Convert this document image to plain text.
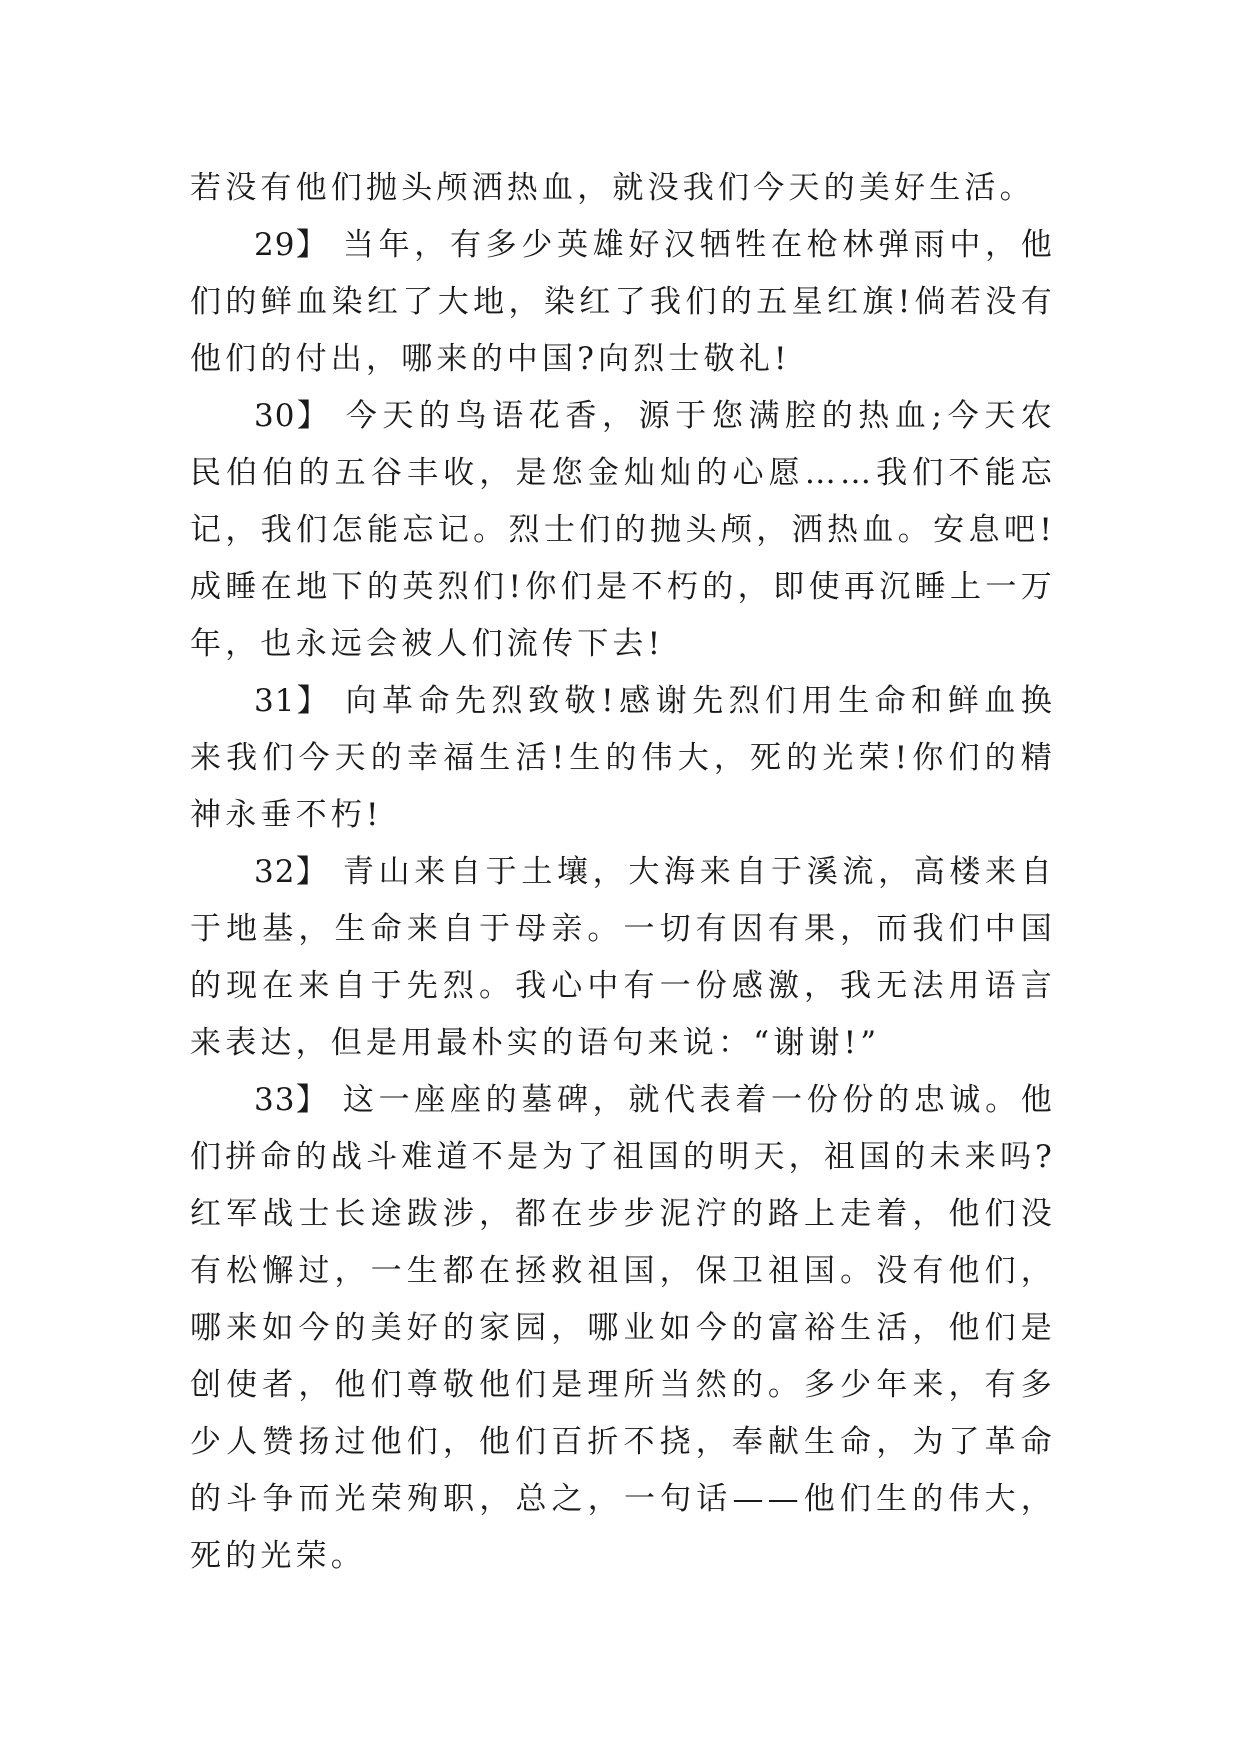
若没有他们抛头颅洒热血，就没我们今天的美好生活。

29】 当年，有多少英雄好汉牺牲在枪林弹雨中，他们的鲜血染红了大地，染红了我们的五星红旗!倘若没有他们的付出，哪来的中国?向烈士敬礼!

30】 今天的鸟语花香，源于您满腔的热血;今天农民伯伯的五谷丰收，是您金灿灿的心愿……我们不能忘记，我们怎能忘记。烈士们的抛头颅，洒热血。安息吧!成睡在地下的英烈们!你们是不朽的，即使再沉睡上一万年，也永远会被人们流传下去!

31】 向革命先烈致敬!感谢先烈们用生命和鲜血换来我们今天的幸福生活!生的伟大，死的光荣!你们的精神永垂不朽!

32】 青山来自于土壤，大海来自于溪流，高楼来自于地基，生命来自于母亲。一切有因有果，而我们中国的现在来自于先烈。我心中有一份感激，我无法用语言来表达，但是用最朴实的语句来说：“谢谢!”

33】 这一座座的墓碑，就代表着一份份的忠诚。他们拼命的战斗难道不是为了祖国的明天，祖国的未来吗?红军战士长途跋涉，都在步步泥泞的路上走着，他们没有松懈过，一生都在拯救祖国，保卫祖国。没有他们，哪来如今的美好的家园，哪业如今的富裕生活，他们是创使者，他们尊敬他们是理所当然的。多少年来，有多少人赞扬过他们，他们百折不挠，奉献生命，为了革命的斗争而光荣殉职，总之，一句话——他们生的伟大，死的光荣。
